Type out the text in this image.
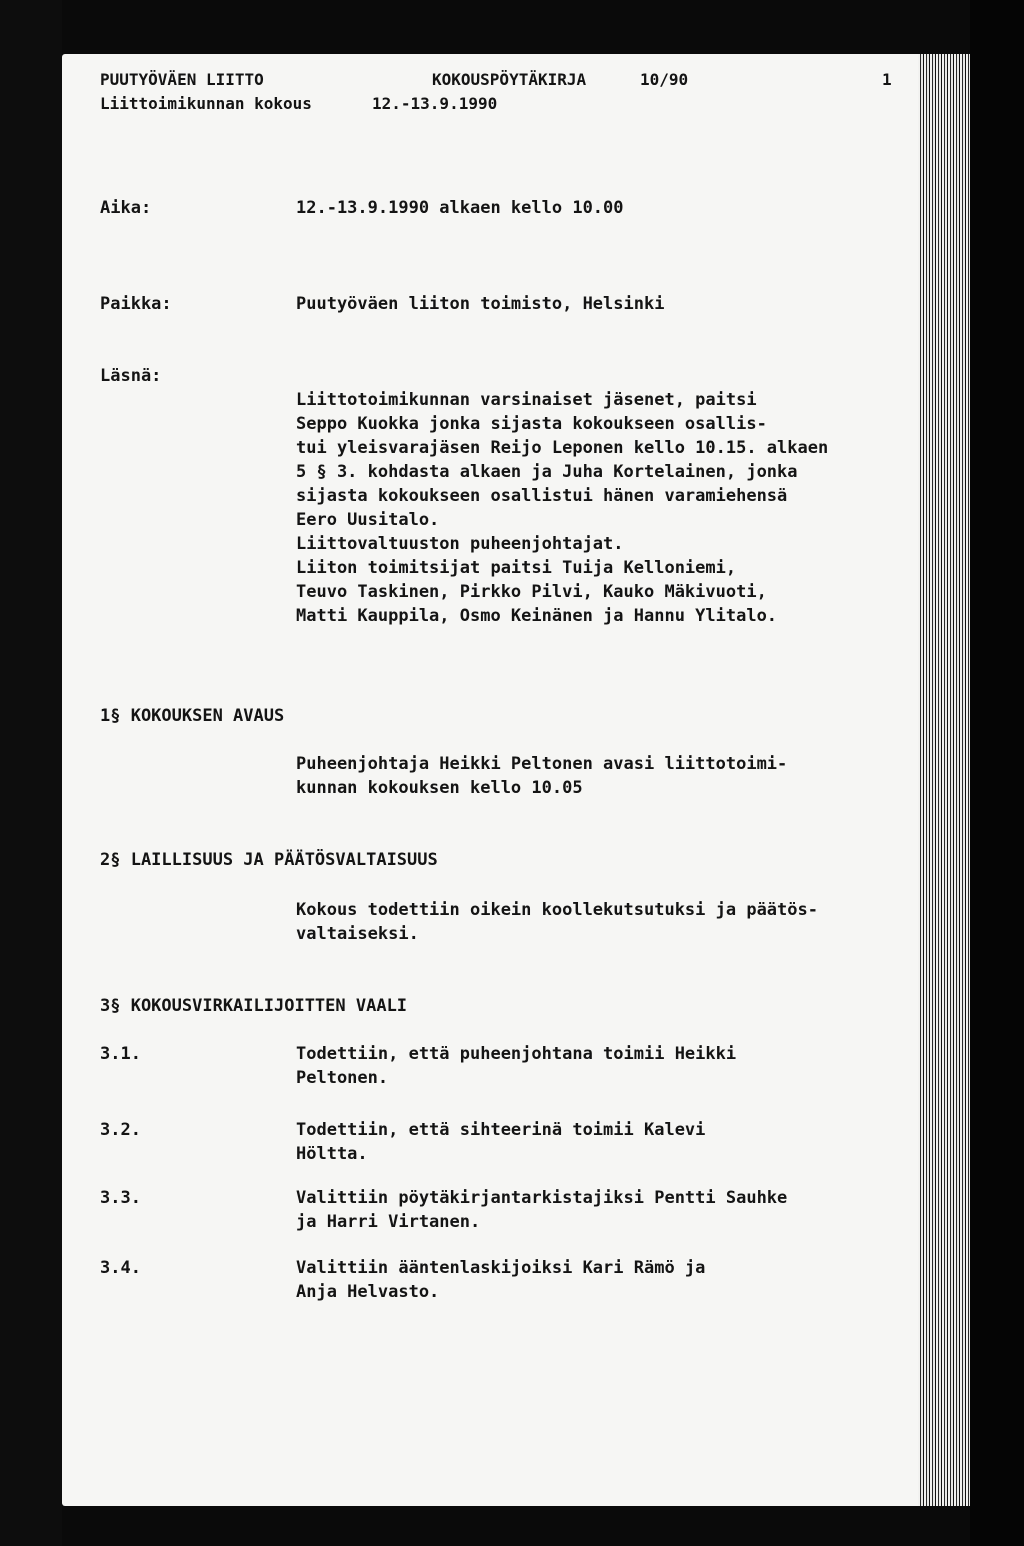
PUUTYÖVÄEN LIITTO	KOKOUSPÖYTÄKIRJA	10/90	1
Liittoimikunnan kokous	12.-13.9.1990
Aika:	12.-13.9.1990 alkaen kello 10.00
Paikka:	Puutyöväen liiton toimisto, Helsinki
Läsnä:
Liittotoimikunnan varsinaiset jäsenet, paitsi
Seppo Kuokka jonka sijasta kokoukseen osallis-
tui yleisvarajäsen Reijo Leponen kello 10.15. alkaen
5 § 3. kohdasta alkaen ja Juha Kortelainen, jonka
sijasta kokoukseen osallistui hänen varamiehensä
Eero Uusitalo.
Liittovaltuuston puheenjohtajat.
Liiton toimitsijat paitsi Tuija Kelloniemi,
Teuvo Taskinen, Pirkko Pilvi, Kauko Mäkivuoti,
Matti Kauppila, Osmo Keinänen ja Hannu Ylitalo.
1§ KOKOUKSEN AVAUS
Puheenjohtaja Heikki Peltonen avasi liittotoimi-
kunnan kokouksen kello 10.05
2§ LAILLISUUS JA PÄÄTÖSVALTAISUUS
Kokous todettiin oikein koollekutsutuksi ja päätös-
valtaiseksi.
3§ KOKOUSVIRKAILIJOITTEN VAALI
3.1.	Todettiin, että puheenjohtana toimii Heikki
Peltonen.
3.2.	Todettiin, että sihteerinä toimii Kalevi
Höltta.
3.3.	Valittiin pöytäkirjantarkistajiksi Pentti Sauhke
ja Harri Virtanen.
3.4.	Valittiin ääntenlaskijoiksi Kari Rämö ja
Anja Helvasto.
